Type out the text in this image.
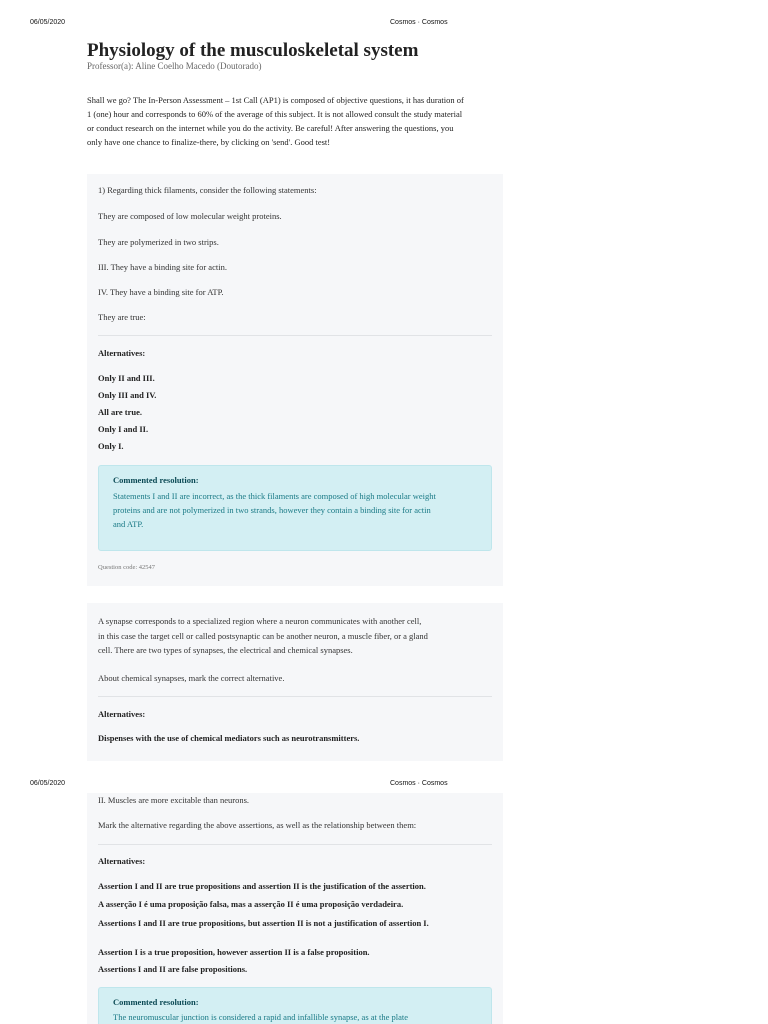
06/05/2020	Cosmos · Cosmos
Physiology of the musculoskeletal system

Professor(a): Aline Coelho Macedo (Doutorado)

Shall we go? The In-Person Assessment – 1st Call (AP1) is composed of objective questions, it has duration of 1 (one) hour and corresponds to 60% of the average of this subject. It is not allowed consult the study material or conduct research on the internet while you do the activity. Be careful! After answering the questions, you only have one chance to finalize-there, by clicking on 'send'. Good test!

1) Regarding thick filaments, consider the following statements:
They are composed of low molecular weight proteins.
They are polymerized in two strips.
III. They have a binding site for actin.
IV. They have a binding site for ATP.
They are true:
Alternatives:
Only II and III.
Only III and IV.
All are true.
Only I and II.
Only I.
Commented resolution:
Statements I and II are incorrect, as the thick filaments are composed of high molecular weight proteins and are not polymerized in two strands, however they contain a binding site for actin and ATP.
Question code: 42547
A synapse corresponds to a specialized region where a neuron communicates with another cell, in this case the target cell or called postsynaptic can be another neuron, a muscle fiber, or a gland cell. There are two types of synapses, the electrical and chemical synapses.
About chemical synapses, mark the correct alternative.
Alternatives:
Dispenses with the use of chemical mediators such as neurotransmitters.
06/05/2020	Cosmos · Cosmos
II. Muscles are more excitable than neurons.
Mark the alternative regarding the above assertions, as well as the relationship between them:
Alternatives:
Assertion I and II are true propositions and assertion II is the justification of the assertion.
A asserção I é uma proposição falsa, mas a asserção II é uma proposição verdadeira.
Assertions I and II are true propositions, but assertion II is not a justification of assertion I.
Assertion I is a true proposition, however assertion II is a false proposition.
Assertions I and II are false propositions.
Commented resolution:
The neuromuscular junction is considered a rapid and infallible synapse, as at the plate
